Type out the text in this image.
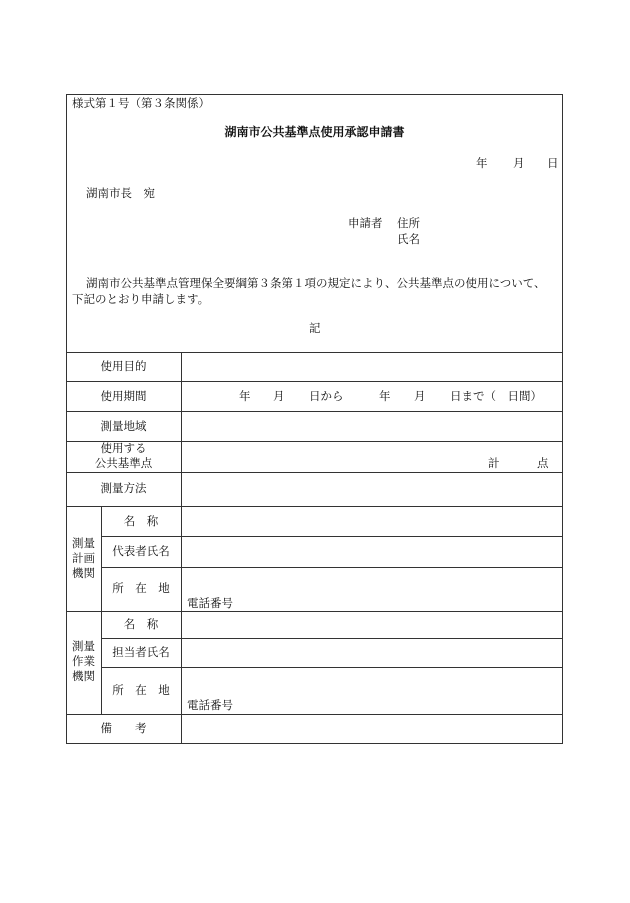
様式第１号（第３条関係）
湖南市公共基準点使用承認申請書
年 月 日
湖南市長　宛
申請者 住所
氏名
湖南市公共基準点管理保全要綱第３条第１項の規定により、公共基準点の使用について、
下記のとおり申請します。
記
使用目的
使用期間
測量地域
使用する
公共基準点
測量方法
年 月 日から	年 月 日まで（　日間）
計	点
測量
計画
機関
名　称
代表者氏名
所　在　地
電話番号
測量
作業
機関
名　称
担当者氏名
所　在　地
電話番号
備　　考
